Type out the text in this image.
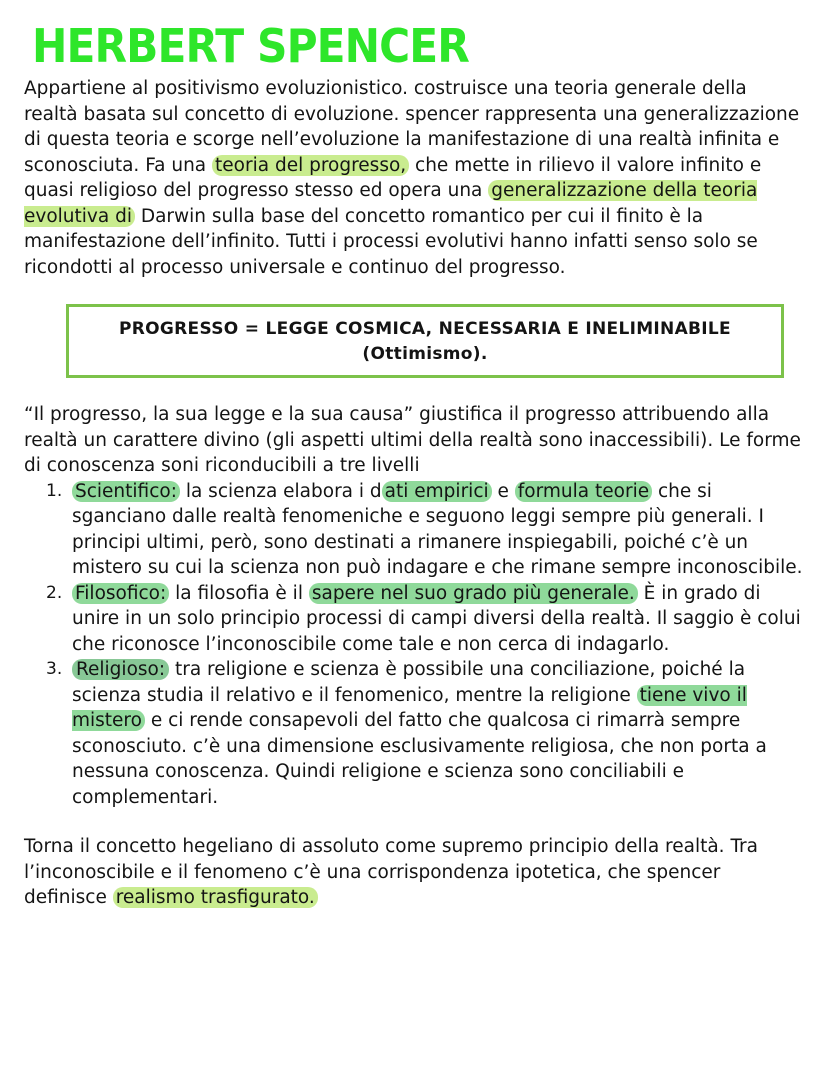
HERBERT SPENCER

Appartiene al positivismo evoluzionistico. costruisce una teoria generale della realtà basata sul concetto di evoluzione. spencer rappresenta una generalizzazione di questa teoria e scorge nell’evoluzione la manifestazione di una realtà infinita e sconosciuta. Fa una teoria del progresso, che mette in rilievo il valore infinito e quasi religioso del progresso stesso ed opera una generalizzazione della teoria evolutiva di Darwin sulla base del concetto romantico per cui il finito è la manifestazione dell’infinito. Tutti i processi evolutivi hanno infatti senso solo se ricondotti al processo universale e continuo del progresso.

PROGRESSO = LEGGE COSMICA, NECESSARIA E INELIMINABILE
(Ottimismo).

“Il progresso, la sua legge e la sua causa” giustifica il progresso attribuendo alla realtà un carattere divino (gli aspetti ultimi della realtà sono inaccessibili). Le forme di conoscenza soni riconducibili a tre livelli

1. Scientifico: la scienza elabora i d ati empirici e formula teorie che si sganciano dalle realtà fenomeniche e seguono leggi sempre più generali. I principi ultimi, però, sono destinati a rimanere inspiegabili, poiché c’è un mistero su cui la scienza non può indagare e che rimane sempre inconoscibile.
2. Filosofico: la filosofia è il sapere nel suo grado più generale. È in grado di unire in un solo principio processi di campi diversi della realtà. Il saggio è colui che riconosce l’inconoscibile come tale e non cerca di indagarlo.
3. Religioso: tra religione e scienza è possibile una conciliazione, poiché la scienza studia il relativo e il fenomenico, mentre la religione tiene vivo il mistero e ci rende consapevoli del fatto che qualcosa ci rimarrà sempre sconosciuto. c’è una dimensione esclusivamente religiosa, che non porta a nessuna conoscenza. Quindi religione e scienza sono conciliabili e complementari.

Torna il concetto hegeliano di assoluto come supremo principio della realtà. Tra l’inconoscibile e il fenomeno c’è una corrispondenza ipotetica, che spencer definisce realismo trasfigurato.
